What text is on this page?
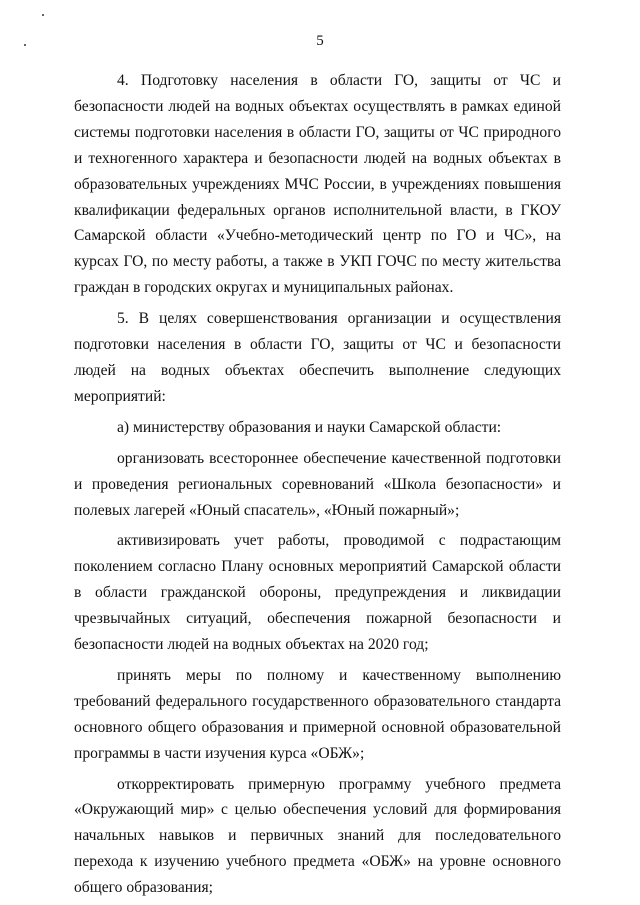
5

4. Подготовку населения в области ГО, защиты от ЧС и безопасности людей на водных объектах осуществлять в рамках единой системы подготовки населения в области ГО, защиты от ЧС природного и техногенного характера и безопасности людей на водных объектах в образовательных учреждениях МЧС России, в учреждениях повышения квалификации федеральных органов исполнительной власти, в ГКОУ Самарской области «Учебно-методический центр по ГО и ЧС», на курсах ГО, по месту работы, а также в УКП ГОЧС по месту жительства граждан в городских округах и муниципальных районах.

5. В целях совершенствования организации и осуществления подготовки населения в области ГО, защиты от ЧС и безопасности людей на водных объектах обеспечить выполнение следующих мероприятий:

а) министерству образования и науки Самарской области:

организовать всестороннее обеспечение качественной подготовки и проведения региональных соревнований «Школа безопасности» и полевых лагерей «Юный спасатель», «Юный пожарный»;

активизировать учет работы, проводимой с подрастающим поколением согласно Плану основных мероприятий Самарской области в области гражданской обороны, предупреждения и ликвидации чрезвычайных ситуаций, обеспечения пожарной безопасности и безопасности людей на водных объектах на 2020 год;

принять меры по полному и качественному выполнению требований федерального государственного образовательного стандарта основного общего образования и примерной основной образовательной программы в части изучения курса «ОБЖ»;

откорректировать примерную программу учебного предмета «Окружающий мир» с целью обеспечения условий для формирования начальных навыков и первичных знаний для последовательного перехода к изучению учебного предмета «ОБЖ» на уровне основного общего образования;
